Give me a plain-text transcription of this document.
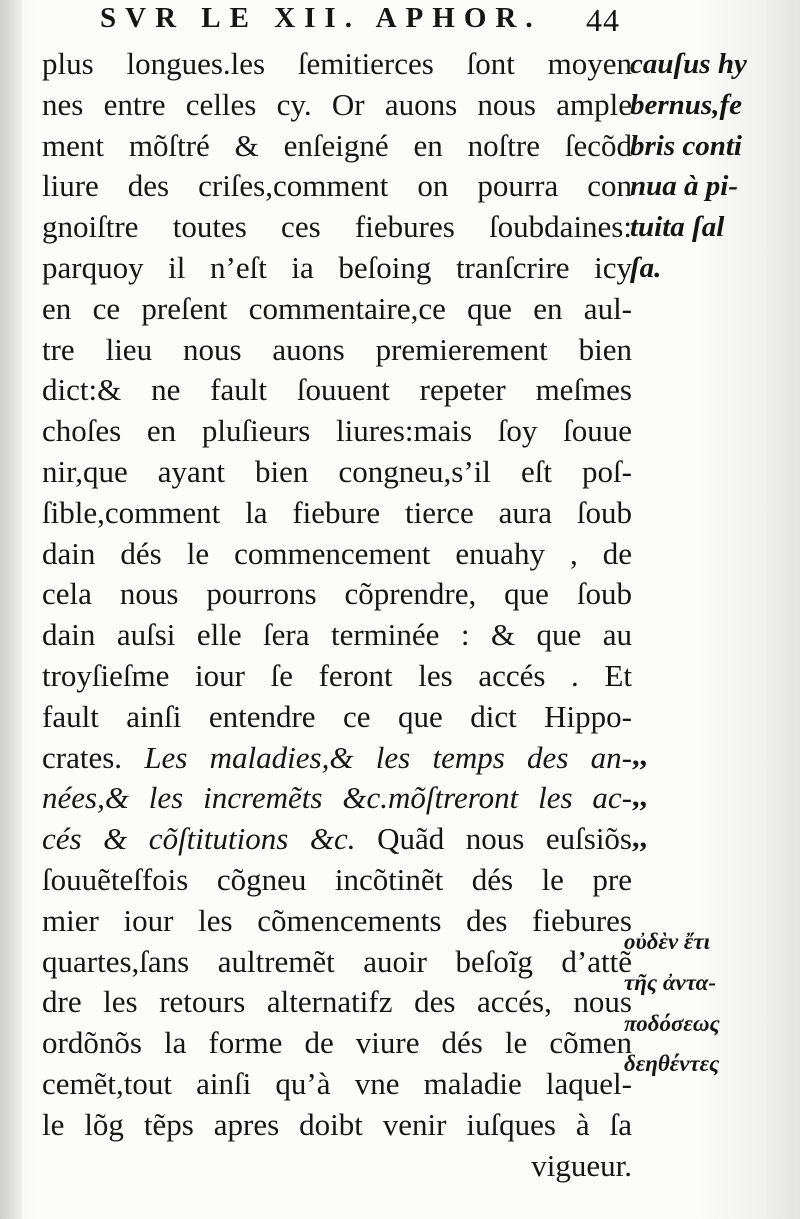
SVR LE XII. APHOR. 44
plus longues.les ſemitierces ſont moyen
nes entre celles cy. Or auons nous ample
ment mõſtré & enſeigné en noſtre ſecõd
liure des criſes,comment on pourra con
gnoiſtre toutes ces fiebures ſoubdaines:
parquoy il n’eſt ia beſoing tranſcrire icy
en ce preſent commentaire,ce que en aul-
tre lieu nous auons premierement bien
dict:& ne fault ſouuent repeter meſmes
choſes en pluſieurs liures:mais ſoy ſouue
nir,que ayant bien congneu,s’il eſt poſ-
ſible,comment la fiebure tierce aura ſoub
dain dés le commencement enuahy , de
cela nous pourrons cõprendre, que ſoub
dain auſsi elle ſera terminée : & que au
troyſieſme iour ſe feront les accés . Et
fault ainſi entendre ce que dict Hippo-
crates. Les maladies,& les temps des an-
nées,& les incremẽts &c.mõſtreront les ac-
cés & cõſtitutions &c. Quãd nous euſsiõs
ſouuẽteſfois cõgneu incõtinẽt dés le pre
mier iour les cõmencements des fiebures
quartes,ſans aultremẽt auoir beſoĩg d’attẽ
dre les retours alternatifz des accés, nous
ordõnõs la forme de viure dés le cõmen
cemẽt,tout ainſi qu’à vne maladie laquel-
le lõg tẽps apres doibt venir iuſques à ſa
vigueur.
cauſus hy
bernus,fe
bris conti
nua à pi-
tuita ſal
ſa.
,,
,,
,,
οὐδὲν ἔτι
τῆς ἀντα-
ποδόσεως
δεηθέντες
